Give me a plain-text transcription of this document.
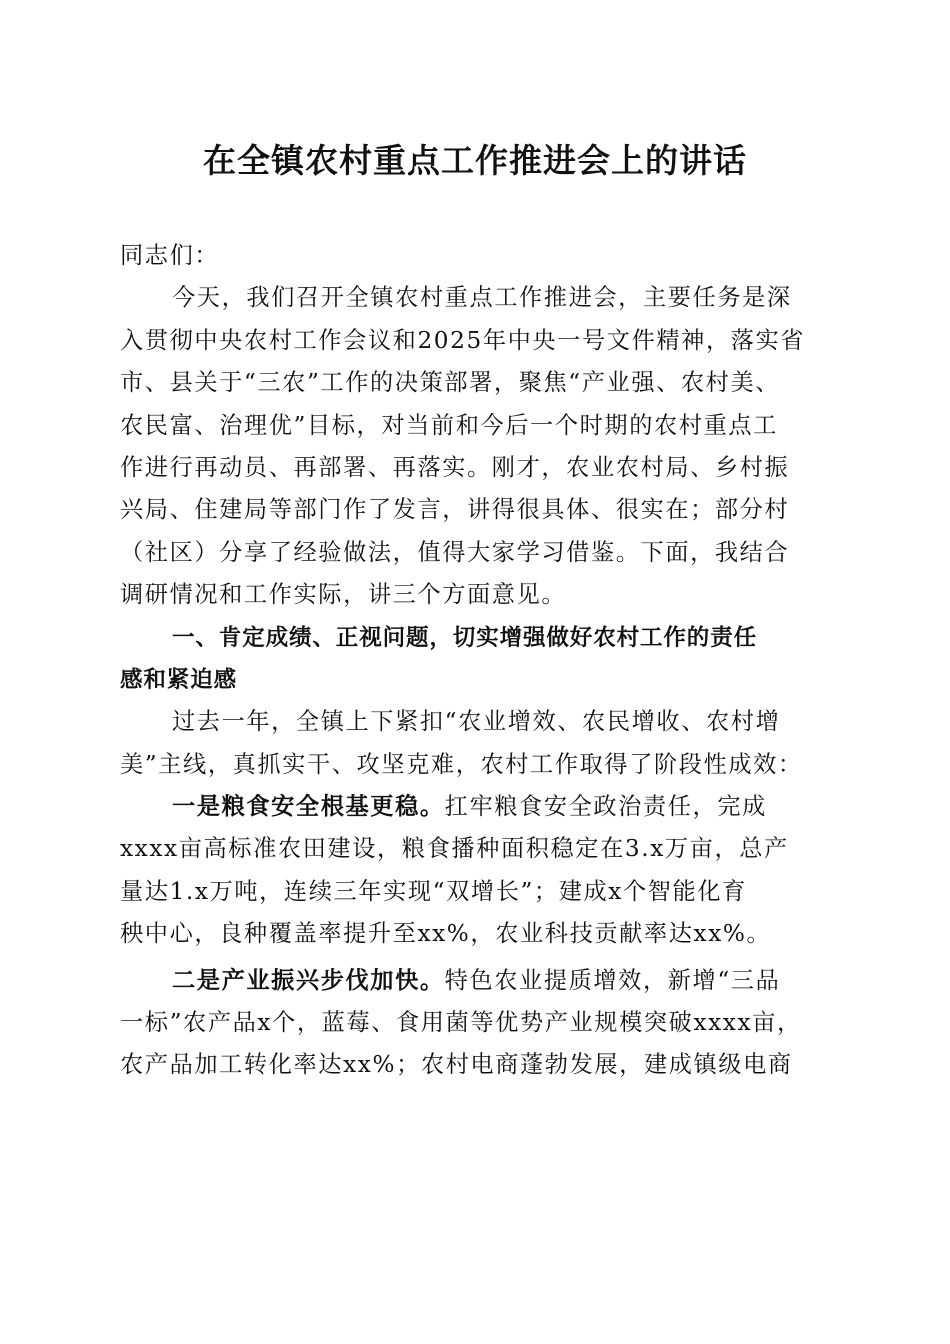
在全镇农村重点工作推进会上的讲话
同志们：
今天，我们召开全镇农村重点工作推进会，主要任务是深
入贯彻中央农村工作会议和2025年中央一号文件精神，落实省
市、县关于“三农”工作的决策部署，聚焦“产业强、农村美、
农民富、治理优”目标，对当前和今后一个时期的农村重点工
作进行再动员、再部署、再落实。刚才，农业农村局、乡村振
兴局、住建局等部门作了发言，讲得很具体、很实在；部分村
（社区）分享了经验做法，值得大家学习借鉴。下面，我结合
调研情况和工作实际，讲三个方面意见。
一、肯定成绩、正视问题，切实增强做好农村工作的责任
感和紧迫感
过去一年，全镇上下紧扣“农业增效、农民增收、农村增
美”主线，真抓实干、攻坚克难，农村工作取得了阶段性成效：
一是粮食安全根基更稳。扛牢粮食安全政治责任，完成
xxxx亩高标准农田建设，粮食播种面积稳定在3.x万亩，总产
量达1.x万吨，连续三年实现“双增长”；建成x个智能化育
秧中心，良种覆盖率提升至xx%，农业科技贡献率达xx%。
二是产业振兴步伐加快。特色农业提质增效，新增“三品
一标”农产品x个，蓝莓、食用菌等优势产业规模突破xxxx亩，
农产品加工转化率达xx%；农村电商蓬勃发展，建成镇级电商
